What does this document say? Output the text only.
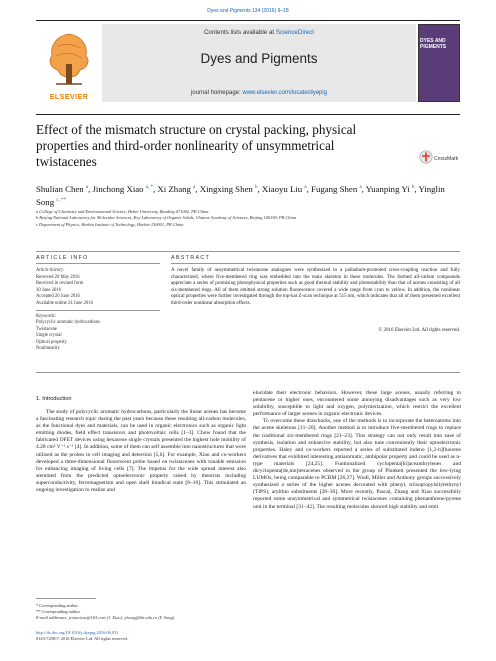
Dyes and Pigments 134 (2016) 9–18
ELSEVIER
Contents lists available at ScienceDirect
Dyes and Pigments
journal homepage: www.elsevier.com/locate/dyepig
DYES AND PIGMENTS
Effect of the mismatch structure on crystal packing, physical properties and third-order nonlinearity of unsymmetrical twistacenes	CrossMark
Shulian Chen $^a$, Jinchong Xiao $^{a, *}$, Xi Zhang $^a$, Xingxing Shen $^b$, Xiaoyu Liu $^a$, Fugang Shen $^a$, Yuanping Yi $^b$, Yinglin Song $^{c, **}$
a College of Chemistry and Environmental Science, Hebei University, Baoding 071002, PR China
b Beijing National Laboratory for Molecular Sciences, Key Laboratory of Organic Solids, Chinese Academy of Sciences, Beijing 100190, PR China
c Department of Physics, Harbin Institute of Technology, Harbin 150001, PR China
ARTICLE INFO	ABSTRACT
Article history:
Received 20 May 2016
Received in revised form
30 June 2016
Accepted 20 June 2016
Available online 24 June 2016
Keywords:
Polycyclic aromatic hydrocarbons
Twistacene
Single crystal
Optical property
Nonlinearity
A novel family of unsymmetrical twistacene analogues were synthesized in a palladium-promoted cross-coupling reaction and fully characterized, where five-membered ring was embedded into the main skeleton in these molecules. The formed all-carbon compounds appreciate a series of promising photophysical properties such as good thermal stability and photostability than that of acenes consisting of all six-membered rings. All of them emitted strong solution fluorescence covered a wide range from cyan to yellow. In addition, the nonlinear optical properties were further investigated through the top-hat Z-scan technique at 515 nm, which indicates that all of them presented excellent third-order nonlinear absorption effects.
© 2016 Elsevier Ltd. All rights reserved.
1. Introduction
The study of polycyclic aromatic hydrocarbons, particularly the linear acenes has become a fascinating research topic during the past years because these resulting all-carbon molecules, as the functional dyes and materials, can be used in organic electronics such as organic light emitting diodes, field effect transistors and photovoltaic cells [1–3]. Chow found that the fabricated OFET devices using hexacene single crystals presented the highest hole mobility of 4.28 cm² V⁻¹ s⁻¹ [4]. In addition, some of them can self assemble into nanostructures that were utilized as the probes in cell imaging and detection [5,6]. For example, Xiao and co-workers developed a three-dimensional fluorescent probe based on twistacenes with tunable emission for enhancing imaging of living cells [7]. The impetus for the wide spread interest also stemmed from the predicted optoelectronic property raised by theorists including superconductivity, ferromagnetism and open shell biradical state [8–10]. This stimulated an ongoing investigation to realize and
elucidate their electronic behaviors. However, these large acenes, usually referring to pentacene or higher ones, encountered some annoying disadvantages such as very low solubility, susceptible to light and oxygen, polymerization, which restrict the excellent performance of larger acenes in organic electronic devices.
To overcome these drawbacks, one of the methods is to incorporate the heteroatoms into the acene skeletons [11–20]. Another method is to introduce five-membered rings to replace the traditional six-membered rings [21–23]. This strategy can not only result into ease of synthesis, isolation and enhancive stability, but also tune conveniently their optoelectronic properties. Haley and co-workers reported a series of substituted indeno [1,2-b]fluorene derivatives that exhibited interesting antiaromatic, ambipolar property and could be used as n-type materials [24,25]. Funtionalized cyclopenta[hi]aceanthrylenes and dicyclopenta[de,mn]tetracenes observed in the group of Plunkett presented the low-lying LUMOs, being comparable to PCBM [26,27]. Wudl, Miller and Anthony groups successively synthesized a series of the higher acenes decorated with phenyl, triisopropylsilylethynyl (TIPS), arylthio substituents [28–30]. More recently, Pascal, Zhang and Xiao successfully reported some unsymmetrical and symmetrical twistacenes containing phenanthrene/pyrene unit in the terminal [31–42]. The resulting molecules showed high stability and emit
* Corresponding author.
** Corresponding author.
E-mail addresses: jcxiaoicas@163.com (J. Xiao), ylsong@hit.edu.cn (Y. Song).
http://dx.doi.org/10.1016/j.dyepig.2016.06.031
0143-7208/© 2016 Elsevier Ltd. All rights reserved.
